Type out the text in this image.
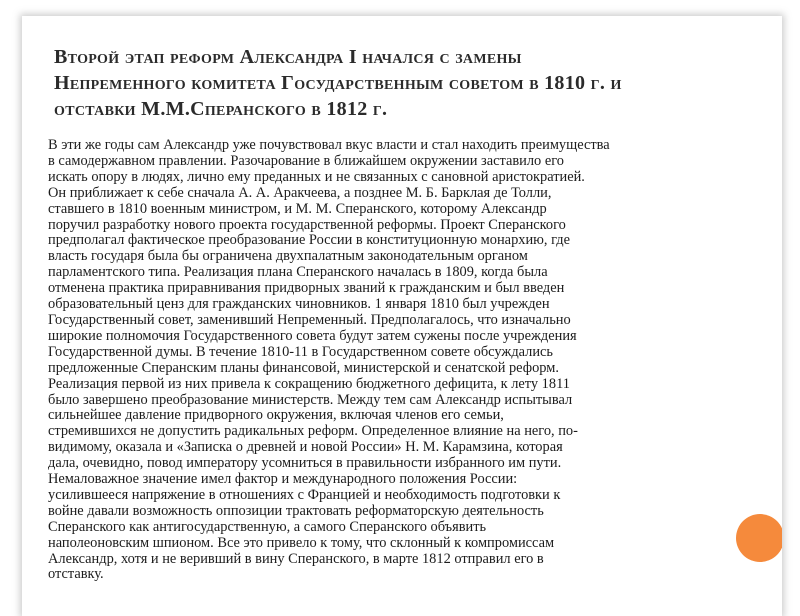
Второй этап реформ Александра I начался с замены
Непременного комитета Государственным советом в 1810 г. и
отставки М.М.Сперанского в 1812 г.

В эти же годы сам Александр уже почувствовал вкус власти и стал находить преимущества
в самодержавном правлении. Разочарование в ближайшем окружении заставило его
искать опору в людях, лично ему преданных и не связанных с сановной аристократией.
Он приближает к себе сначала А. А. Аракчеева, а позднее М. Б. Барклая де Толли,
ставшего в 1810 военным министром, и М. М. Сперанского, которому Александр
поручил разработку нового проекта государственной реформы. Проект Сперанского
предполагал фактическое преобразование России в конституционную монархию, где
власть государя была бы ограничена двухпалатным законодательным органом
парламентского типа. Реализация плана Сперанского началась в 1809, когда была
отменена практика приравнивания придворных званий к гражданским и был введен
образовательный ценз для гражданских чиновников. 1 января 1810 был учрежден
Государственный совет, заменивший Непременный. Предполагалось, что изначально
широкие полномочия Государственного совета будут затем сужены после учреждения
Государственной думы. В течение 1810-11 в Государственном совете обсуждались
предложенные Сперанским планы финансовой, министерской и сенатской реформ.
Реализация первой из них привела к сокращению бюджетного дефицита, к лету 1811
было завершено преобразование министерств. Между тем сам Александр испытывал
сильнейшее давление придворного окружения, включая членов его семьи,
стремившихся не допустить радикальных реформ. Определенное влияние на него, по-
видимому, оказала и «Записка о древней и новой России» Н. М. Карамзина, которая
дала, очевидно, повод императору усомниться в правильности избранного им пути.
Немаловажное значение имел фактор и международного положения России:
усилившееся напряжение в отношениях с Францией и необходимость подготовки к
войне давали возможность оппозиции трактовать реформаторскую деятельность
Сперанского как антигосударственную, а самого Сперанского объявить
наполеоновским шпионом. Все это привело к тому, что склонный к компромиссам
Александр, хотя и не веривший в вину Сперанского, в марте 1812 отправил его в
отставку.
